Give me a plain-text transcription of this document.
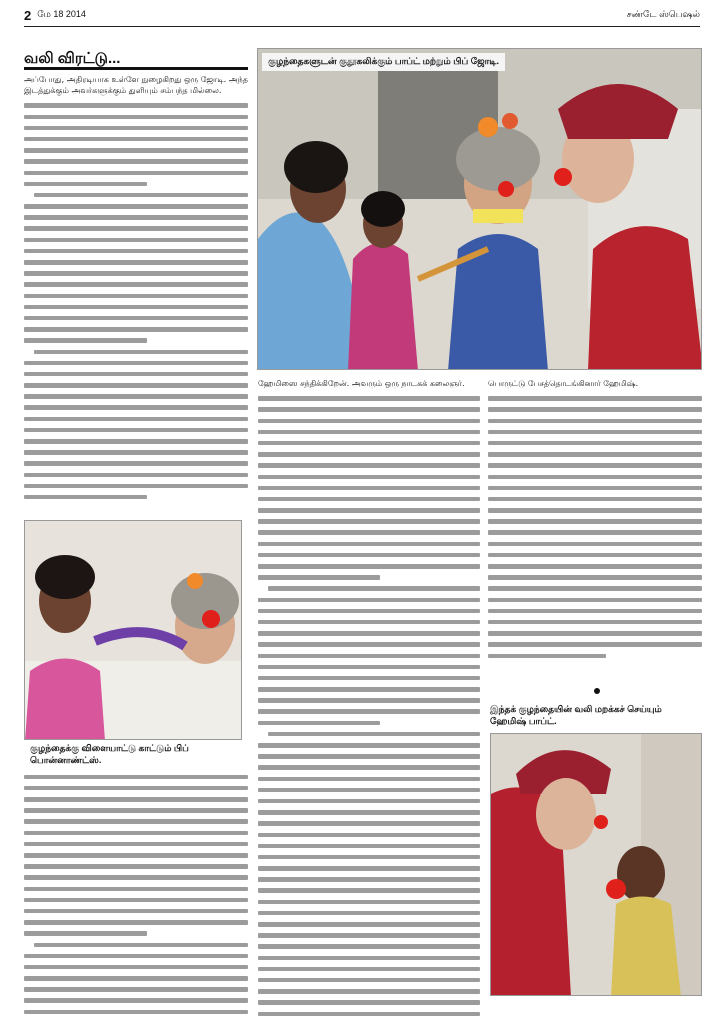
2 மே 18 2014	சண்டே ஸ்பெஷல்
வலி விரட்டு...

அப்போது, அதிரடியாக உள்ளே நுழைகிறது ஒரு ஜோடி. அந்த இடத்துக்கும் அவர்களுக்கும் துளியும் சம்பந்த மில்லை.

குழந்தைகளுடன் குதூகலிக்கும் பாப்ட் மற்றும் பிப் ஜோடி.
குழந்தைக்கு விளையாட்டு காட்டும் பிப் பொன்னாண்ட்ஸ்.

ஹேமிஸை சந்திக்கிறேன். அவரும் ஒரு நாடகக் கலைஞர்.	பொருட்டு பேசத்தொடங்கினார் ஹேமிஷ்.

இந்தக் குழந்தையின் வலி மறக்கச் செய்யும் ஹேமிஷ் பாப்ட்.
